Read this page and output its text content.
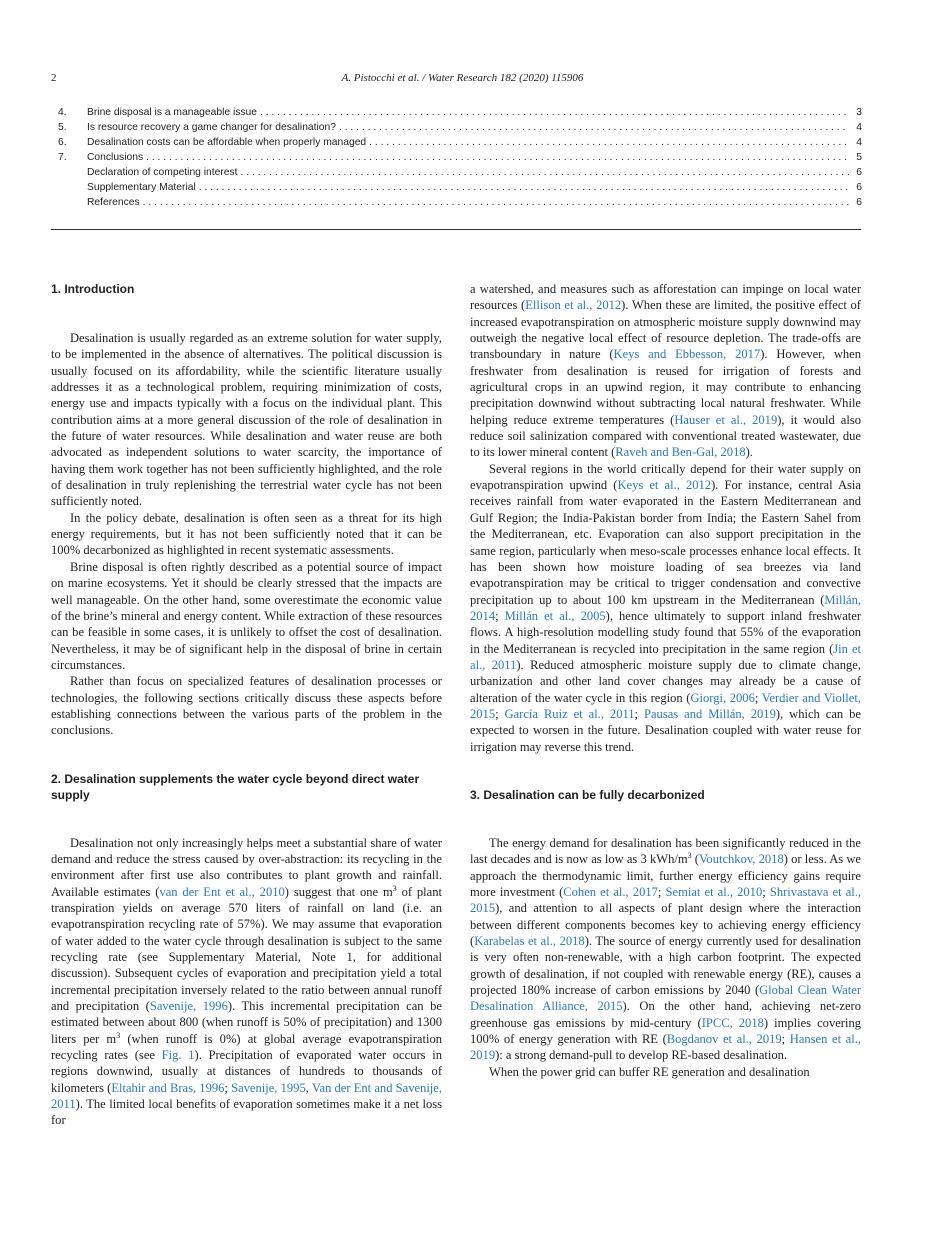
2	A. Pistocchi et al. / Water Research 182 (2020) 115906
4.	Brine disposal is a manageable issue . . .	3
5.	Is resource recovery a game changer for desalination? . . .	4
6.	Desalination costs can be affordable when properly managed . . .	4
7.	Conclusions . . .	5
Declaration of competing interest . . .	6
Supplementary Material . . .	6
References . . .	6
1. Introduction

Desalination is usually regarded as an extreme solution for water supply, to be implemented in the absence of alternatives. The political discussion is usually focused on its affordability, while the scientific literature usually addresses it as a technological problem, requiring minimization of costs, energy use and impacts typically with a focus on the individual plant. This contribution aims at a more general discussion of the role of desalination in the future of water resources. While desalination and water reuse are both advocated as independent solutions to water scarcity, the importance of having them work together has not been sufficiently highlighted, and the role of desalination in truly replenishing the terrestrial water cycle has not been sufficiently noted.

In the policy debate, desalination is often seen as a threat for its high energy requirements, but it has not been sufficiently noted that it can be 100% decarbonized as highlighted in recent systematic assessments.

Brine disposal is often rightly described as a potential source of impact on marine ecosystems. Yet it should be clearly stressed that the impacts are well manageable. On the other hand, some overestimate the economic value of the brine’s mineral and energy content. While extraction of these resources can be feasible in some cases, it is unlikely to offset the cost of desalination. Nevertheless, it may be of significant help in the disposal of brine in certain circumstances.

Rather than focus on specialized features of desalination processes or technologies, the following sections critically discuss these aspects before establishing connections between the various parts of the problem in the conclusions.

2. Desalination supplements the water cycle beyond direct water supply

Desalination not only increasingly helps meet a substantial share of water demand and reduce the stress caused by over-abstraction: its recycling in the environment after first use also contributes to plant growth and rainfall. Available estimates (van der Ent et al., 2010) suggest that one $m^3$ of plant transpiration yields on average 570 liters of rainfall on land (i.e. an evapotranspiration recycling rate of 57%). We may assume that evaporation of water added to the water cycle through desalination is subject to the same recycling rate (see Supplementary Material, Note 1, for additional discussion). Subsequent cycles of evaporation and precipitation yield a total incremental precipitation inversely related to the ratio between annual runoff and precipitation (Savenije, 1996). This incremental precipitation can be estimated between about 800 (when runoff is 50% of precipitation) and 1300 liters per $m^3$ (when runoff is 0%) at global average evapotranspiration recycling rates (see Fig. 1). Precipitation of evaporated water occurs in regions downwind, usually at distances of hundreds to thousands of kilometers (Eltahir and Bras, 1996; Savenije, 1995, Van der Ent and Savenije, 2011). The limited local benefits of evaporation sometimes make it a net loss for

a watershed, and measures such as afforestation can impinge on local water resources (Ellison et al., 2012). When these are limited, the positive effect of increased evapotranspiration on atmospheric moisture supply downwind may outweigh the negative local effect of resource depletion. The trade-offs are transboundary in nature (Keys and Ebbesson, 2017). However, when freshwater from desalination is reused for irrigation of forests and agricultural crops in an upwind region, it may contribute to enhancing precipitation downwind without subtracting local natural freshwater. While helping reduce extreme temperatures (Hauser et al., 2019), it would also reduce soil salinization compared with conventional treated wastewater, due to its lower mineral content (Raveh and Ben-Gal, 2018).

Several regions in the world critically depend for their water supply on evapotranspiration upwind (Keys et al., 2012). For instance, central Asia receives rainfall from water evaporated in the Eastern Mediterranean and Gulf Region; the India-Pakistan border from India; the Eastern Sahel from the Mediterranean, etc. Evaporation can also support precipitation in the same region, particularly when meso-scale processes enhance local effects. It has been shown how moisture loading of sea breezes via land evapotranspiration may be critical to trigger condensation and convective precipitation up to about 100 km upstream in the Mediterranean (Millán, 2014; Millán et al., 2005), hence ultimately to support inland freshwater flows. A high-resolution modelling study found that 55% of the evaporation in the Mediterranean is recycled into precipitation in the same region (Jin et al., 2011). Reduced atmospheric moisture supply due to climate change, urbanization and other land cover changes may already be a cause of alteration of the water cycle in this region (Giorgi, 2006; Verdier and Viollet, 2015; García Ruiz et al., 2011; Pausas and Millán, 2019), which can be expected to worsen in the future. Desalination coupled with water reuse for irrigation may reverse this trend.

3. Desalination can be fully decarbonized

The energy demand for desalination has been significantly reduced in the last decades and is now as low as 3 kWh/$m^3$ (Voutchkov, 2018) or less. As we approach the thermodynamic limit, further energy efficiency gains require more investment (Cohen et al., 2017; Semiat et al., 2010; Shrivastava et al., 2015), and attention to all aspects of plant design where the interaction between different components becomes key to achieving energy efficiency (Karabelas et al., 2018). The source of energy currently used for desalination is very often non-renewable, with a high carbon footprint. The expected growth of desalination, if not coupled with renewable energy (RE), causes a projected 180% increase of carbon emissions by 2040 (Global Clean Water Desalination Alliance, 2015). On the other hand, achieving net-zero greenhouse gas emissions by mid-century (IPCC, 2018) implies covering 100% of energy generation with RE (Bogdanov et al., 2019; Hansen et al., 2019): a strong demand-pull to develop RE-based desalination.

When the power grid can buffer RE generation and desalination
